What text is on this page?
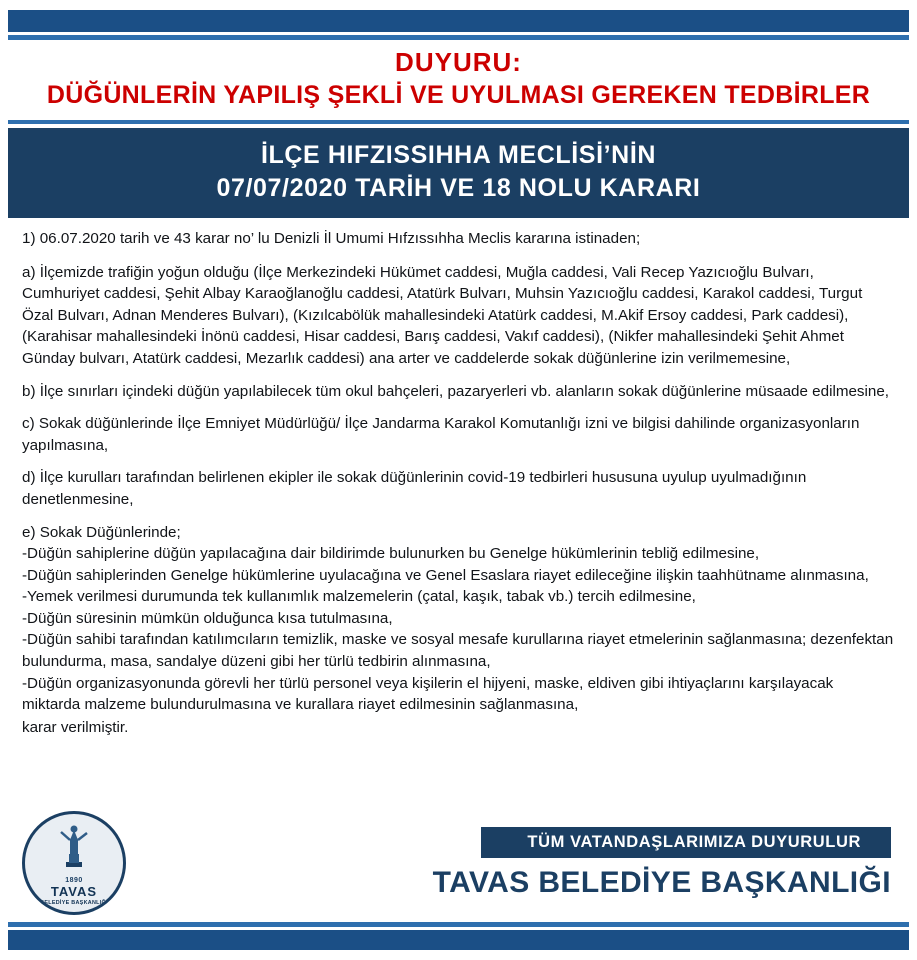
DUYURU:
DÜĞÜNLERİN YAPILIŞ ŞEKLİ VE UYULMASI GEREKEN TEDBİRLER
İLÇE HIFZISSIHHA MECLİSİ’NİN
07/07/2020 TARİH VE 18 NOLU KARARI

1) 06.07.2020 tarih ve 43 karar no’ lu Denizli İl Umumi Hıfzıssıhha Meclis kararına istinaden;

a) İlçemizde trafiğin yoğun olduğu (İlçe Merkezindeki Hükümet caddesi, Muğla caddesi, Vali Recep Yazıcıoğlu Bulvarı, Cumhuriyet caddesi, Şehit Albay Karaoğlanoğlu caddesi, Atatürk Bulvarı, Muhsin Yazıcıoğlu caddesi, Karakol caddesi, Turgut Özal Bulvarı, Adnan Menderes Bulvarı), (Kızılcabölük mahallesindeki Atatürk caddesi, M.Akif Ersoy caddesi, Park caddesi), (Karahisar mahallesindeki İnönü caddesi, Hisar caddesi, Barış caddesi, Vakıf caddesi), (Nikfer mahallesindeki Şehit Ahmet Günday bulvarı, Atatürk caddesi, Mezarlık caddesi) ana arter ve caddelerde sokak düğünlerine izin verilmemesine,

b) İlçe sınırları içindeki düğün yapılabilecek tüm okul bahçeleri, pazaryerleri vb. alanların sokak düğünlerine müsaade edilmesine,

c) Sokak düğünlerinde İlçe Emniyet Müdürlüğü/ İlçe Jandarma Karakol Komutanlığı izni ve bilgisi dahilinde organizasyonların yapılmasına,

d) İlçe kurulları tarafından belirlenen ekipler ile sokak düğünlerinin covid-19 tedbirleri hususuna uyulup uyulmadığının denetlenmesine,

e) Sokak Düğünlerinde;

-Düğün sahiplerine düğün yapılacağına dair bildirimde bulunurken bu Genelge hükümlerinin tebliğ edilmesine,
-Düğün sahiplerinden Genelge hükümlerine uyulacağına ve Genel Esaslara riayet edileceğine ilişkin taahhütname alınmasına,
-Yemek verilmesi durumunda tek kullanımlık malzemelerin (çatal, kaşık, tabak vb.) tercih edilmesine,
-Düğün süresinin mümkün olduğunca kısa tutulmasına,
-Düğün sahibi tarafından katılımcıların temizlik, maske ve sosyal mesafe kurullarına riayet etmelerinin sağlanmasına; dezenfektan bulundurma, masa, sandalye düzeni gibi her türlü tedbirin alınmasına,
-Düğün organizasyonunda görevli her türlü personel veya kişilerin el hijyeni, maske, eldiven gibi ihtiyaçlarını karşılayacak miktarda malzeme bulundurulmasına ve kurallara riayet edilmesinin sağlanmasına,

karar verilmiştir.

1890
TAVAS
BELEDİYE BAŞKANLIĞI
TÜM VATANDAŞLARIMIZA DUYURULUR
TAVAS BELEDİYE BAŞKANLIĞI
